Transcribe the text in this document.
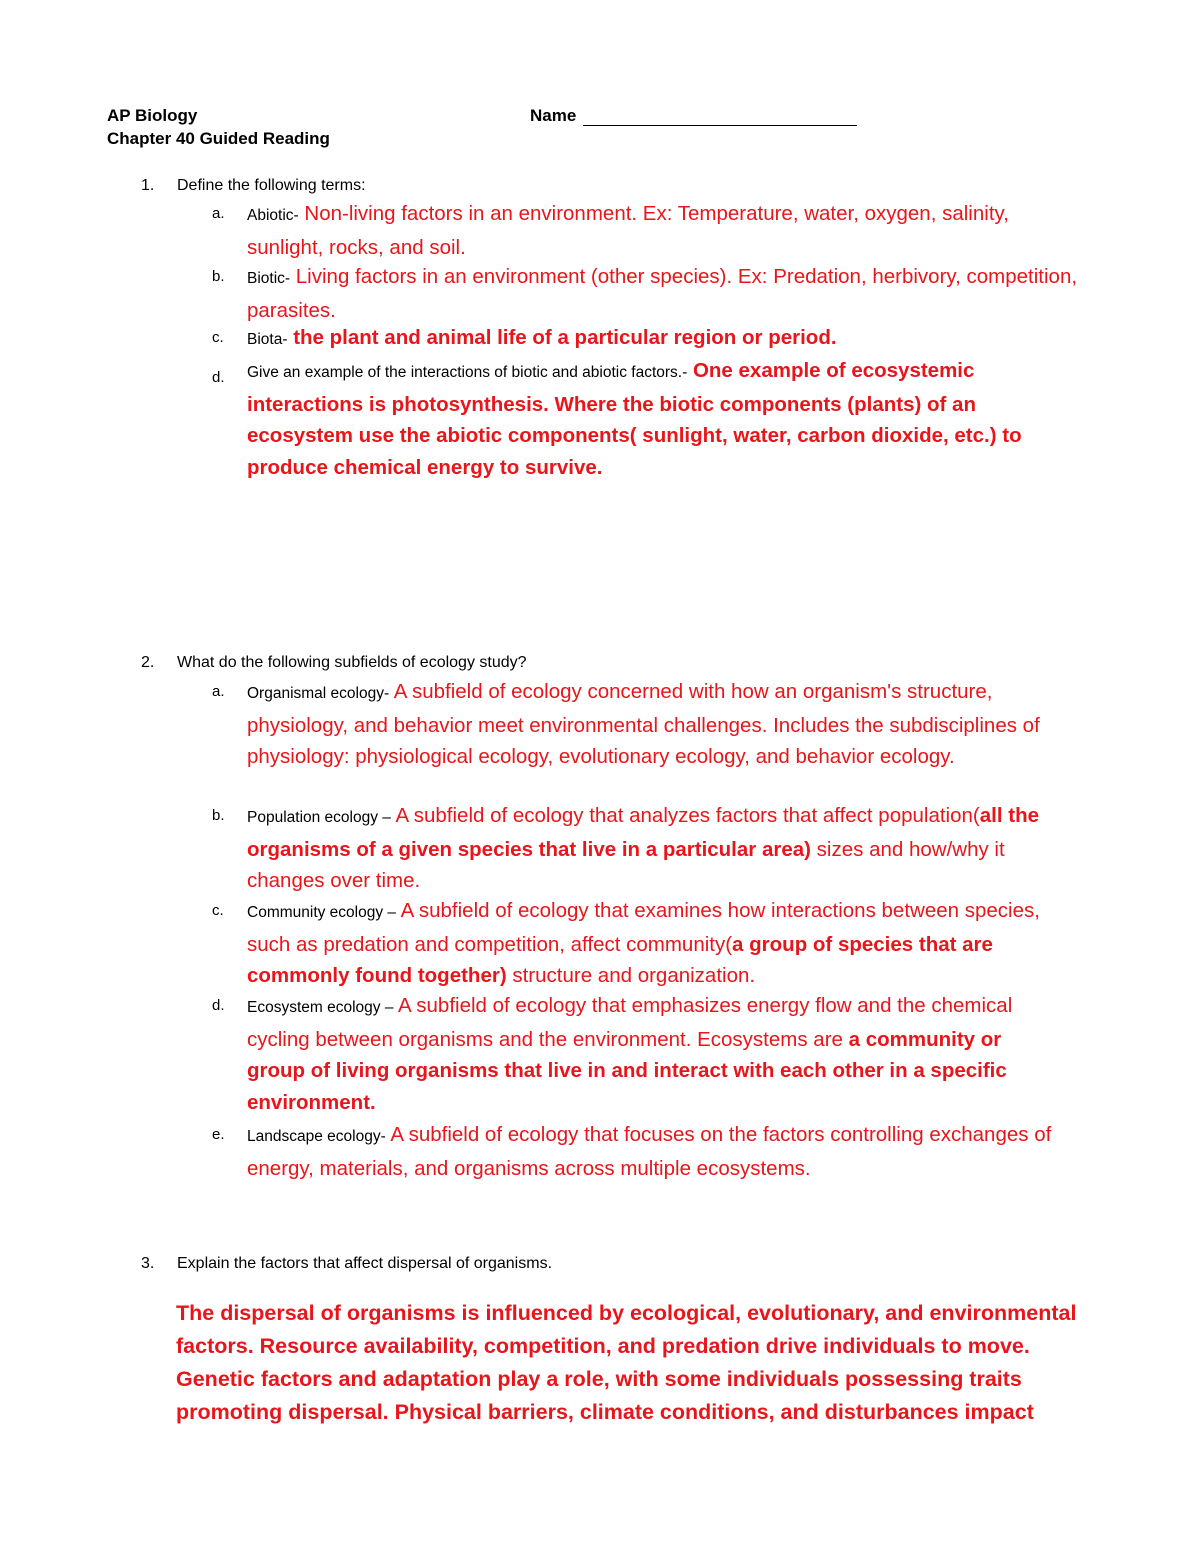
AP Biology
Chapter 40 Guided Reading
Name
1. Define the following terms:
a. Abiotic- Non-living factors in an environment. Ex: Temperature, water, oxygen, salinity, sunlight, rocks, and soil.
b. Biotic- Living factors in an environment (other species). Ex: Predation, herbivory, competition, parasites.
c. Biota- the plant and animal life of a particular region or period.
d. Give an example of the interactions of biotic and abiotic factors.- One example of ecosystemic interactions is photosynthesis. Where the biotic components (plants) of an ecosystem use the abiotic components( sunlight, water, carbon dioxide, etc.) to produce chemical energy to survive.
2. What do the following subfields of ecology study?
a. Organismal ecology- A subfield of ecology concerned with how an organism's structure, physiology, and behavior meet environmental challenges. Includes the subdisciplines of physiology: physiological ecology, evolutionary ecology, and behavior ecology.
b. Population ecology – A subfield of ecology that analyzes factors that affect population(all the organisms of a given species that live in a particular area) sizes and how/why it changes over time.
c. Community ecology – A subfield of ecology that examines how interactions between species, such as predation and competition, affect community(a group of species that are commonly found together) structure and organization.
d. Ecosystem ecology – A subfield of ecology that emphasizes energy flow and the chemical cycling between organisms and the environment. Ecosystems are a community or group of living organisms that live in and interact with each other in a specific environment.
e. Landscape ecology- A subfield of ecology that focuses on the factors controlling exchanges of energy, materials, and organisms across multiple ecosystems.
3. Explain the factors that affect dispersal of organisms.
The dispersal of organisms is influenced by ecological, evolutionary, and environmental factors. Resource availability, competition, and predation drive individuals to move. Genetic factors and adaptation play a role, with some individuals possessing traits promoting dispersal. Physical barriers, climate conditions, and disturbances impact
